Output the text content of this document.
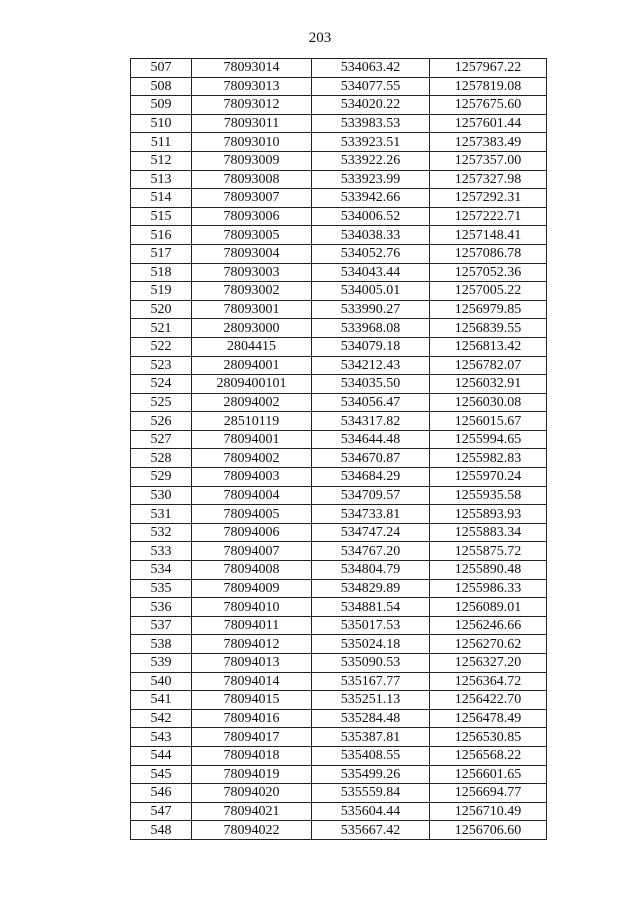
203
507	78093014	534063.42	1257967.22
508	78093013	534077.55	1257819.08
509	78093012	534020.22	1257675.60
510	78093011	533983.53	1257601.44
511	78093010	533923.51	1257383.49
512	78093009	533922.26	1257357.00
513	78093008	533923.99	1257327.98
514	78093007	533942.66	1257292.31
515	78093006	534006.52	1257222.71
516	78093005	534038.33	1257148.41
517	78093004	534052.76	1257086.78
518	78093003	534043.44	1257052.36
519	78093002	534005.01	1257005.22
520	78093001	533990.27	1256979.85
521	28093000	533968.08	1256839.55
522	2804415	534079.18	1256813.42
523	28094001	534212.43	1256782.07
524	2809400101	534035.50	1256032.91
525	28094002	534056.47	1256030.08
526	28510119	534317.82	1256015.67
527	78094001	534644.48	1255994.65
528	78094002	534670.87	1255982.83
529	78094003	534684.29	1255970.24
530	78094004	534709.57	1255935.58
531	78094005	534733.81	1255893.93
532	78094006	534747.24	1255883.34
533	78094007	534767.20	1255875.72
534	78094008	534804.79	1255890.48
535	78094009	534829.89	1255986.33
536	78094010	534881.54	1256089.01
537	78094011	535017.53	1256246.66
538	78094012	535024.18	1256270.62
539	78094013	535090.53	1256327.20
540	78094014	535167.77	1256364.72
541	78094015	535251.13	1256422.70
542	78094016	535284.48	1256478.49
543	78094017	535387.81	1256530.85
544	78094018	535408.55	1256568.22
545	78094019	535499.26	1256601.65
546	78094020	535559.84	1256694.77
547	78094021	535604.44	1256710.49
548	78094022	535667.42	1256706.60
